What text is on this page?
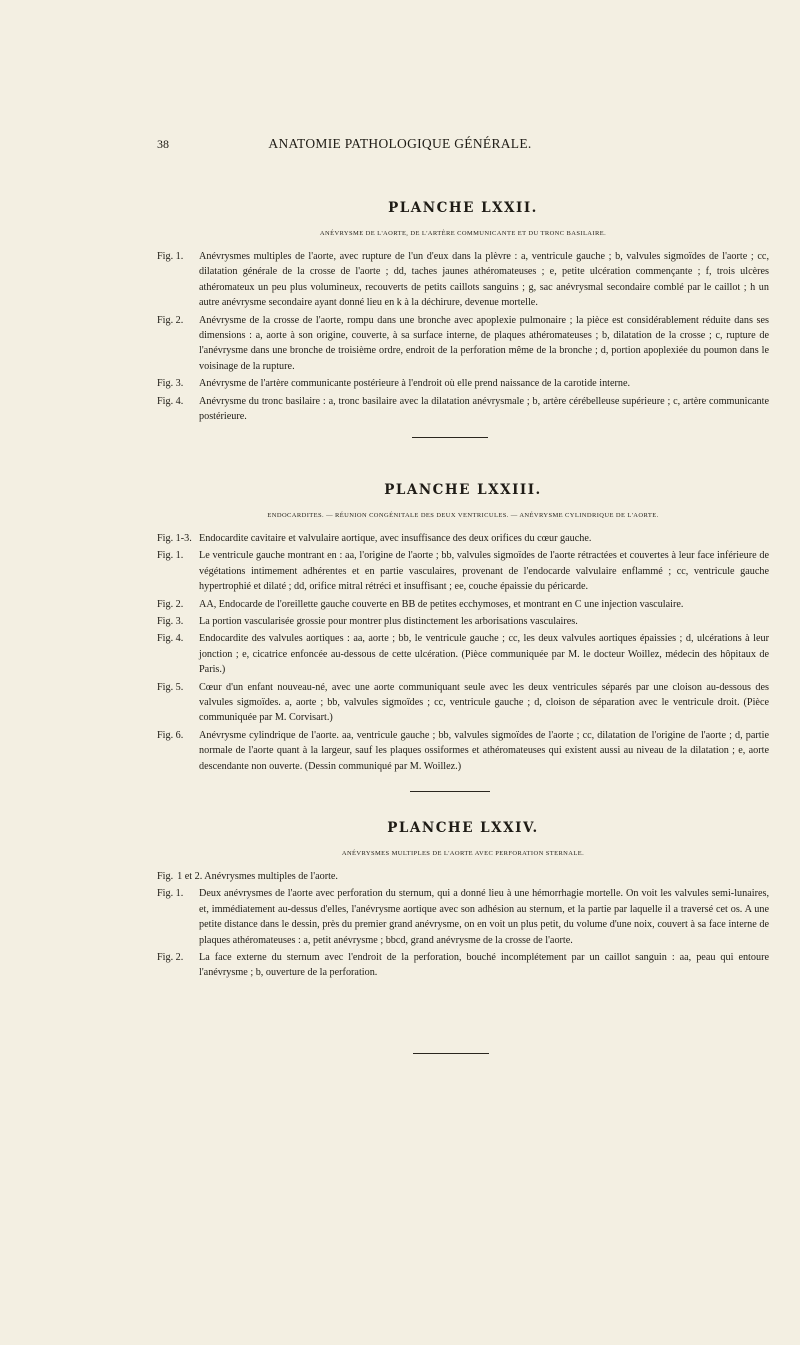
38	ANATOMIE PATHOLOGIQUE GÉNÉRALE.
PLANCHE LXXII.
ANÉVRYSME DE L'AORTE, DE L'ARTÈRE COMMUNICANTE ET DU TRONC BASILAIRE.

Fig. 1. Anévrysmes multiples de l'aorte, avec rupture de l'un d'eux dans la plèvre : a, ventricule gauche ; b, valvules sigmoïdes de l'aorte ; cc, dilatation générale de la crosse de l'aorte ; dd, taches jaunes athéromateuses ; e, petite ulcération commençante ; f, trois ulcères athéromateux un peu plus volumineux, recouverts de petits caillots sanguins ; g, sac anévrysmal secondaire comblé par le caillot ; h un autre anévrysme secondaire ayant donné lieu en k à la déchirure, devenue mortelle.

Fig. 2. Anévrysme de la crosse de l'aorte, rompu dans une bronche avec apoplexie pulmonaire ; la pièce est considérablement réduite dans ses dimensions : a, aorte à son origine, couverte, à sa surface interne, de plaques athéromateuses ; b, dilatation de la crosse ; c, rupture de l'anévrysme dans une bronche de troisième ordre, endroit de la perforation même de la bronche ; d, portion apoplexiée du poumon dans le voisinage de la rupture.

Fig. 3. Anévrysme de l'artère communicante postérieure à l'endroit où elle prend naissance de la carotide interne.

Fig. 4. Anévrysme du tronc basilaire : a, tronc basilaire avec la dilatation anévrysmale ; b, artère cérébelleuse supérieure ; c, artère communicante postérieure.

PLANCHE LXXIII.
ENDOCARDITES. — RÉUNION CONGÉNITALE DES DEUX VENTRICULES. — ANÉVRYSME CYLINDRIQUE DE L'AORTE.

Fig. 1-3. Endocardite cavitaire et valvulaire aortique, avec insuffisance des deux orifices du cœur gauche.

Fig. 1. Le ventricule gauche montrant en : aa, l'origine de l'aorte ; bb, valvules sigmoïdes de l'aorte rétractées et couvertes à leur face inférieure de végétations intimement adhérentes et en partie vasculaires, provenant de l'endocarde valvulaire enflammé ; cc, ventricule gauche hypertrophié et dilaté ; dd, orifice mitral rétréci et insuffisant ; ee, couche épaissie du péricarde.

Fig. 2. AA, Endocarde de l'oreillette gauche couverte en BB de petites ecchymoses, et montrant en C une injection vasculaire.

Fig. 3. La portion vascularisée grossie pour montrer plus distinctement les arborisations vasculaires.

Fig. 4. Endocardite des valvules aortiques : aa, aorte ; bb, le ventricule gauche ; cc, les deux valvules aortiques épaissies ; d, ulcérations à leur jonction ; e, cicatrice enfoncée au-dessous de cette ulcération. (Pièce communiquée par M. le docteur Woillez, médecin des hôpitaux de Paris.)

Fig. 5. Cœur d'un enfant nouveau-né, avec une aorte communiquant seule avec les deux ventricules séparés par une cloison au-dessous des valvules sigmoïdes. a, aorte ; bb, valvules sigmoïdes ; cc, ventricule gauche ; d, cloison de séparation avec le ventricule droit. (Pièce communiquée par M. Corvisart.)

Fig. 6. Anévrysme cylindrique de l'aorte. aa, ventricule gauche ; bb, valvules sigmoïdes de l'aorte ; cc, dilatation de l'origine de l'aorte ; d, partie normale de l'aorte quant à la largeur, sauf les plaques ossiformes et athéromateuses qui existent aussi au niveau de la dilatation ; e, aorte descendante non ouverte. (Dessin communiqué par M. Woillez.)

PLANCHE LXXIV.
ANÉVRYSMES MULTIPLES DE L'AORTE AVEC PERFORATION STERNALE.

Fig. 1 et 2. Anévrysmes multiples de l'aorte.

Fig. 1. Deux anévrysmes de l'aorte avec perforation du sternum, qui a donné lieu à une hémorrhagie mortelle. On voit les valvules semi-lunaires, et, immédiatement au-dessus d'elles, l'anévrysme aortique avec son adhésion au sternum, et la partie par laquelle il a traversé cet os. A une petite distance dans le dessin, près du premier grand anévrysme, on en voit un plus petit, du volume d'une noix, couvert à sa face interne de plaques athéromateuses : a, petit anévrysme ; bbcd, grand anévrysme de la crosse de l'aorte.

Fig. 2. La face externe du sternum avec l'endroit de la perforation, bouché incomplétement par un caillot sanguin : aa, peau qui entoure l'anévrysme ; b, ouverture de la perforation.
